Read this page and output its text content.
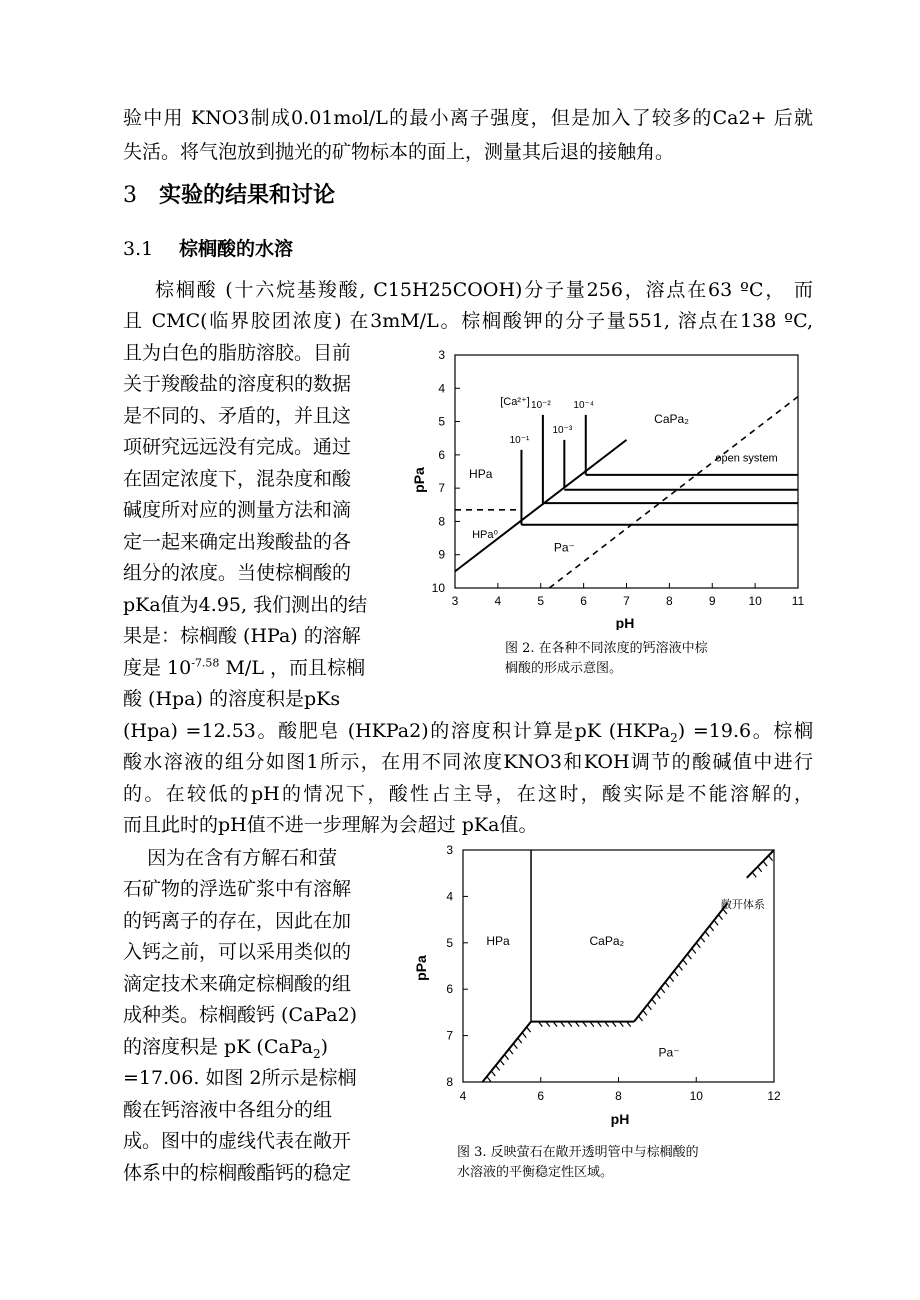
验中用 KNO3制成0.01mol/L的最小离子强度，但是加入了较多的Ca2+ 后就
失活。将气泡放到抛光的矿物标本的面上，测量其后退的接触角。
3 实验的结果和讨论
3.1 棕榈酸的水溶
棕榈酸 (十六烷基羧酸, C15H25COOH)分子量256，溶点在63 ºC， 而
且 CMC(临界胶团浓度) 在3mM/L。棕榈酸钾的分子量551, 溶点在138 ºC,
且为白色的脂肪溶胶。目前
关于羧酸盐的溶度积的数据
是不同的、矛盾的，并且这
项研究远远没有完成。通过
在固定浓度下，混杂度和酸
碱度所对应的测量方法和滴
定一起来确定出羧酸盐的各
组分的浓度。当使棕榈酸的
pKa值为4.95, 我们测出的结
果是：棕榈酸 (HPa) 的溶解
度是 $10^{-7.58}$ M/L ，而且棕榈
酸 (Hpa) 的溶度积是pKs
(Hpa) =12.53。酸肥皂 (HKPa2)的溶度积计算是pK (HKPa$_2$) =19.6。棕榈
酸水溶液的组分如图1所示，在用不同浓度KNO3和KOH调节的酸碱值中进行
的。在较低的pH的情况下，酸性占主导，在这时，酸实际是不能溶解的，
而且此时的pH值不进一步理解为会超过 pKa值。
因为在含有方解石和萤
石矿物的浮选矿浆中有溶解
的钙离子的存在，因此在加
入钙之前，可以采用类似的
滴定技术来确定棕榈酸的组
成种类。棕榈酸钙 (CaPa2)
的溶度积是 pK (CaPa$_2$)
=17.06. 如图 2所示是棕榈
酸在钙溶液中各组分的组
成。图中的虚线代表在敞开
体系中的棕榈酸酯钙的稳定
3	4	5	6	7	8	9	10 11
3
4
5
6
7
8
9
10
10⁻¹
10⁻²
10⁻³
10⁻⁴
[Ca²⁺]
HPa
HPa⁰
Pa⁻
CaPa₂
open system
pPa
pH
图 2. 在各种不同浓度的钙溶液中棕
榈酸的形成示意图。
4	6	8	10	12
3
4
5
6
7
8
HPa	CaPa₂
Pa⁻
敞开体系
pPa
pH
图 3. 反映萤石在敞开透明管中与棕榈酸的
水溶液的平衡稳定性区域。
